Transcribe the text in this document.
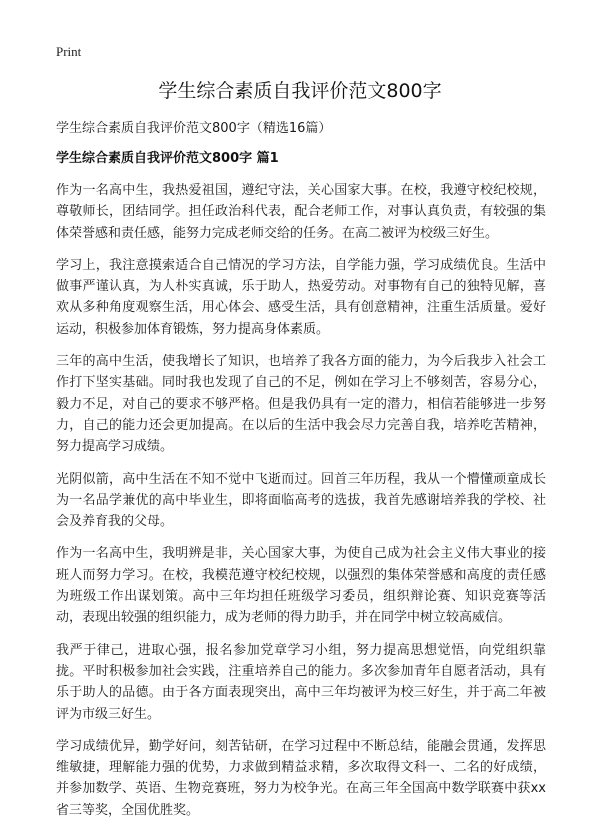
Print
学生综合素质自我评价范文800字
学生综合素质自我评价范文800字（精选16篇）
学生综合素质自我评价范文800字 篇1

作为一名高中生，我热爱祖国，遵纪守法，关心国家大事。在校，我遵守校纪校规，尊敬师长，团结同学。担任政治科代表，配合老师工作，对事认真负责，有较强的集体荣誉感和责任感，能努力完成老师交给的任务。在高二被评为校级三好生。

学习上，我注意摸索适合自己情况的学习方法，自学能力强，学习成绩优良。生活中做事严谨认真，为人朴实真诚，乐于助人，热爱劳动。对事物有自己的独特见解，喜欢从多种角度观察生活，用心体会、感受生活，具有创意精神，注重生活质量。爱好运动，积极参加体育锻炼，努力提高身体素质。

三年的高中生活，使我增长了知识，也培养了我各方面的能力，为今后我步入社会工作打下坚实基础。同时我也发现了自己的不足，例如在学习上不够刻苦，容易分心，毅力不足，对自己的要求不够严格。但是我仍具有一定的潜力，相信若能够进一步努力，自己的能力还会更加提高。在以后的生活中我会尽力完善自我，培养吃苦精神，努力提高学习成绩。

光阴似箭，高中生活在不知不觉中飞逝而过。回首三年历程，我从一个懵懂顽童成长为一名品学兼优的高中毕业生，即将面临高考的选拔，我首先感谢培养我的学校、社会及养育我的父母。

作为一名高中生，我明辨是非，关心国家大事，为使自己成为社会主义伟大事业的接班人而努力学习。在校，我模范遵守校纪校规，以强烈的集体荣誉感和高度的责任感为班级工作出谋划策。高中三年均担任班级学习委员，组织辩论赛、知识竞赛等活动，表现出较强的组织能力，成为老师的得力助手，并在同学中树立较高威信。

我严于律己，进取心强，报名参加党章学习小组，努力提高思想觉悟，向党组织靠拢。平时积极参加社会实践，注重培养自己的能力。多次参加青年自愿者活动，具有乐于助人的品德。由于各方面表现突出，高中三年均被评为校三好生，并于高二年被评为市级三好生。

学习成绩优异，勤学好问，刻苦钻研，在学习过程中不断总结，能融会贯通，发挥思维敏捷，理解能力强的优势，力求做到精益求精，多次取得文科一、二名的好成绩，并参加数学、英语、生物竞赛班，努力为校争光。在高三年全国高中数学联赛中获xx省三等奖，全国优胜奖。
